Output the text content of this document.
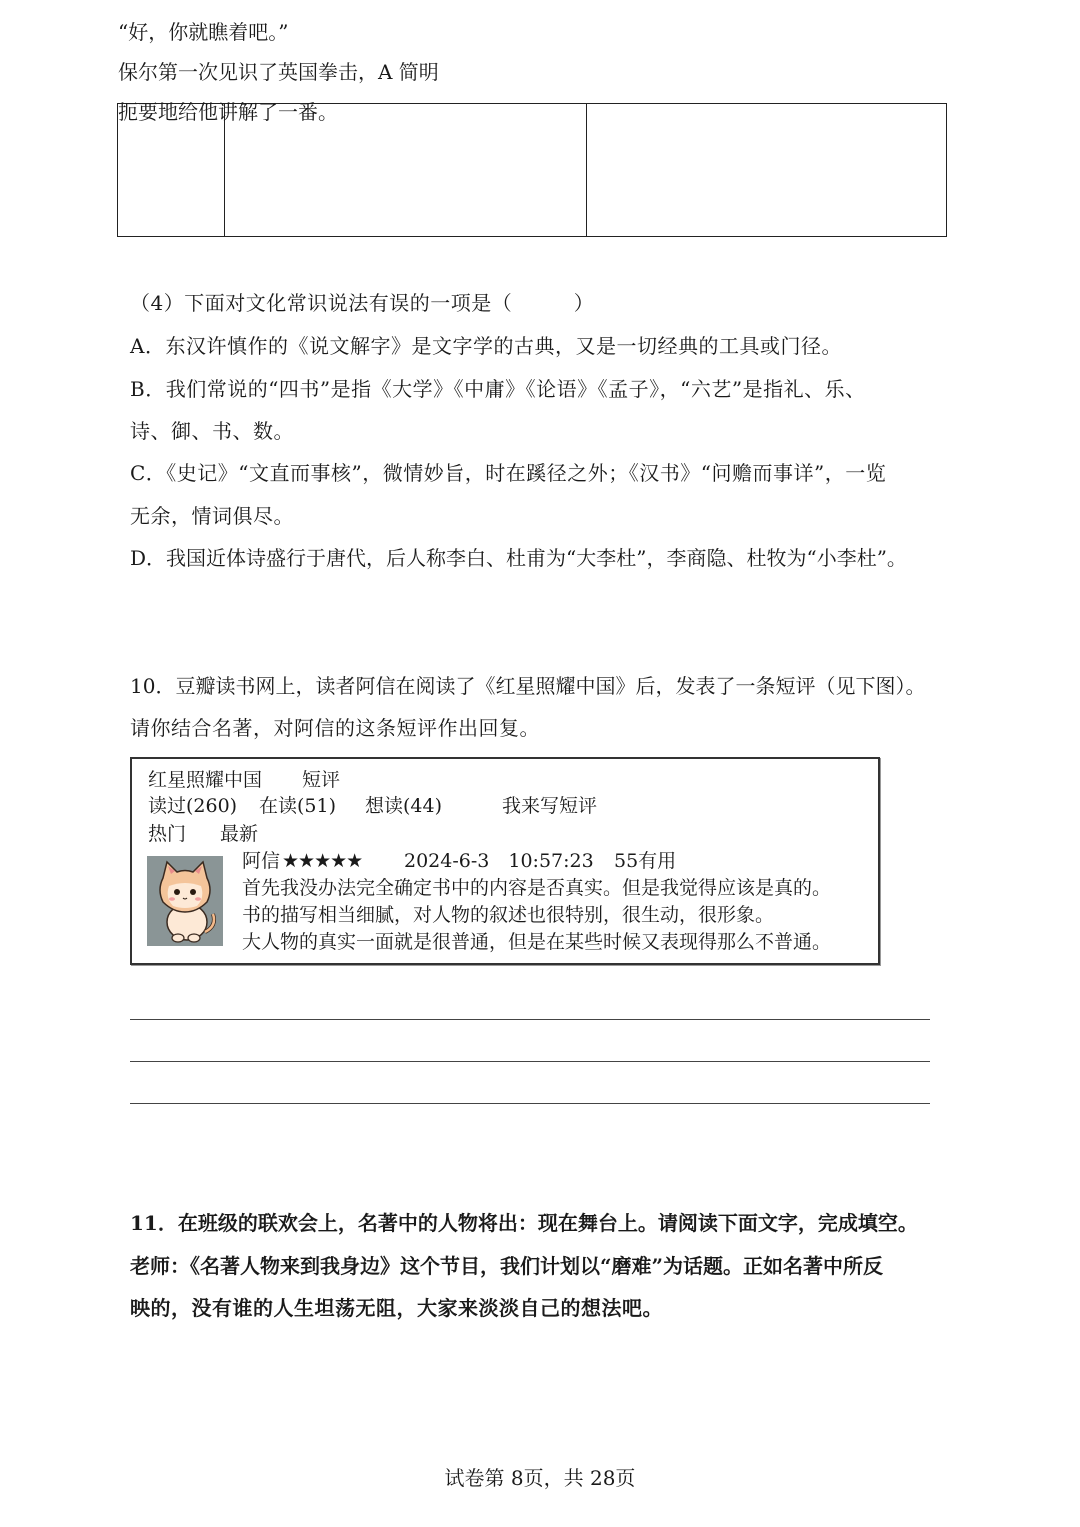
“好，你就瞧着吧。”
保尔第一次见识了英国拳击，A 简明
扼要地给他讲解了一番。
（4）下面对文化常识说法有误的一项是（　　　）
A．东汉许慎作的《说文解字》是文字学的古典，又是一切经典的工具或门径。
B．我们常说的“四书”是指《大学》《中庸》《论语》《孟子》，“六艺”是指礼、乐、
诗、御、书、数。
C．《史记》“文直而事核”，微情妙旨，时在蹊径之外；《汉书》“问赡而事详”，一览
无余，情词俱尽。
D．我国近体诗盛行于唐代，后人称李白、杜甫为“大李杜”，李商隐、杜牧为“小李杜”。
10．豆瓣读书网上，读者阿信在阅读了《红星照耀中国》后，发表了一条短评（见下图）。
请你结合名著，对阿信的这条短评作出回复。
红星照耀中国 短评
读过(260) 在读(51) 想读(44)	我来写短评
热门 最新
阿信 ★★★★★ 2024-6-3　10:57:23 55有用
首先我没办法完全确定书中的内容是否真实。但是我觉得应该是真的。
书的描写相当细腻，对人物的叙述也很特别，很生动，很形象。
大人物的真实一面就是很普通，但是在某些时候又表现得那么不普通。
11．在班级的联欢会上，名著中的人物将出：现在舞台上。请阅读下面文字，完成填空。
老师：《名著人物来到我身边》这个节目，我们计划以“磨难”为话题。正如名著中所反
映的，没有谁的人生坦荡无阻，大家来淡淡自己的想法吧。
试卷第 8页，共 28页
